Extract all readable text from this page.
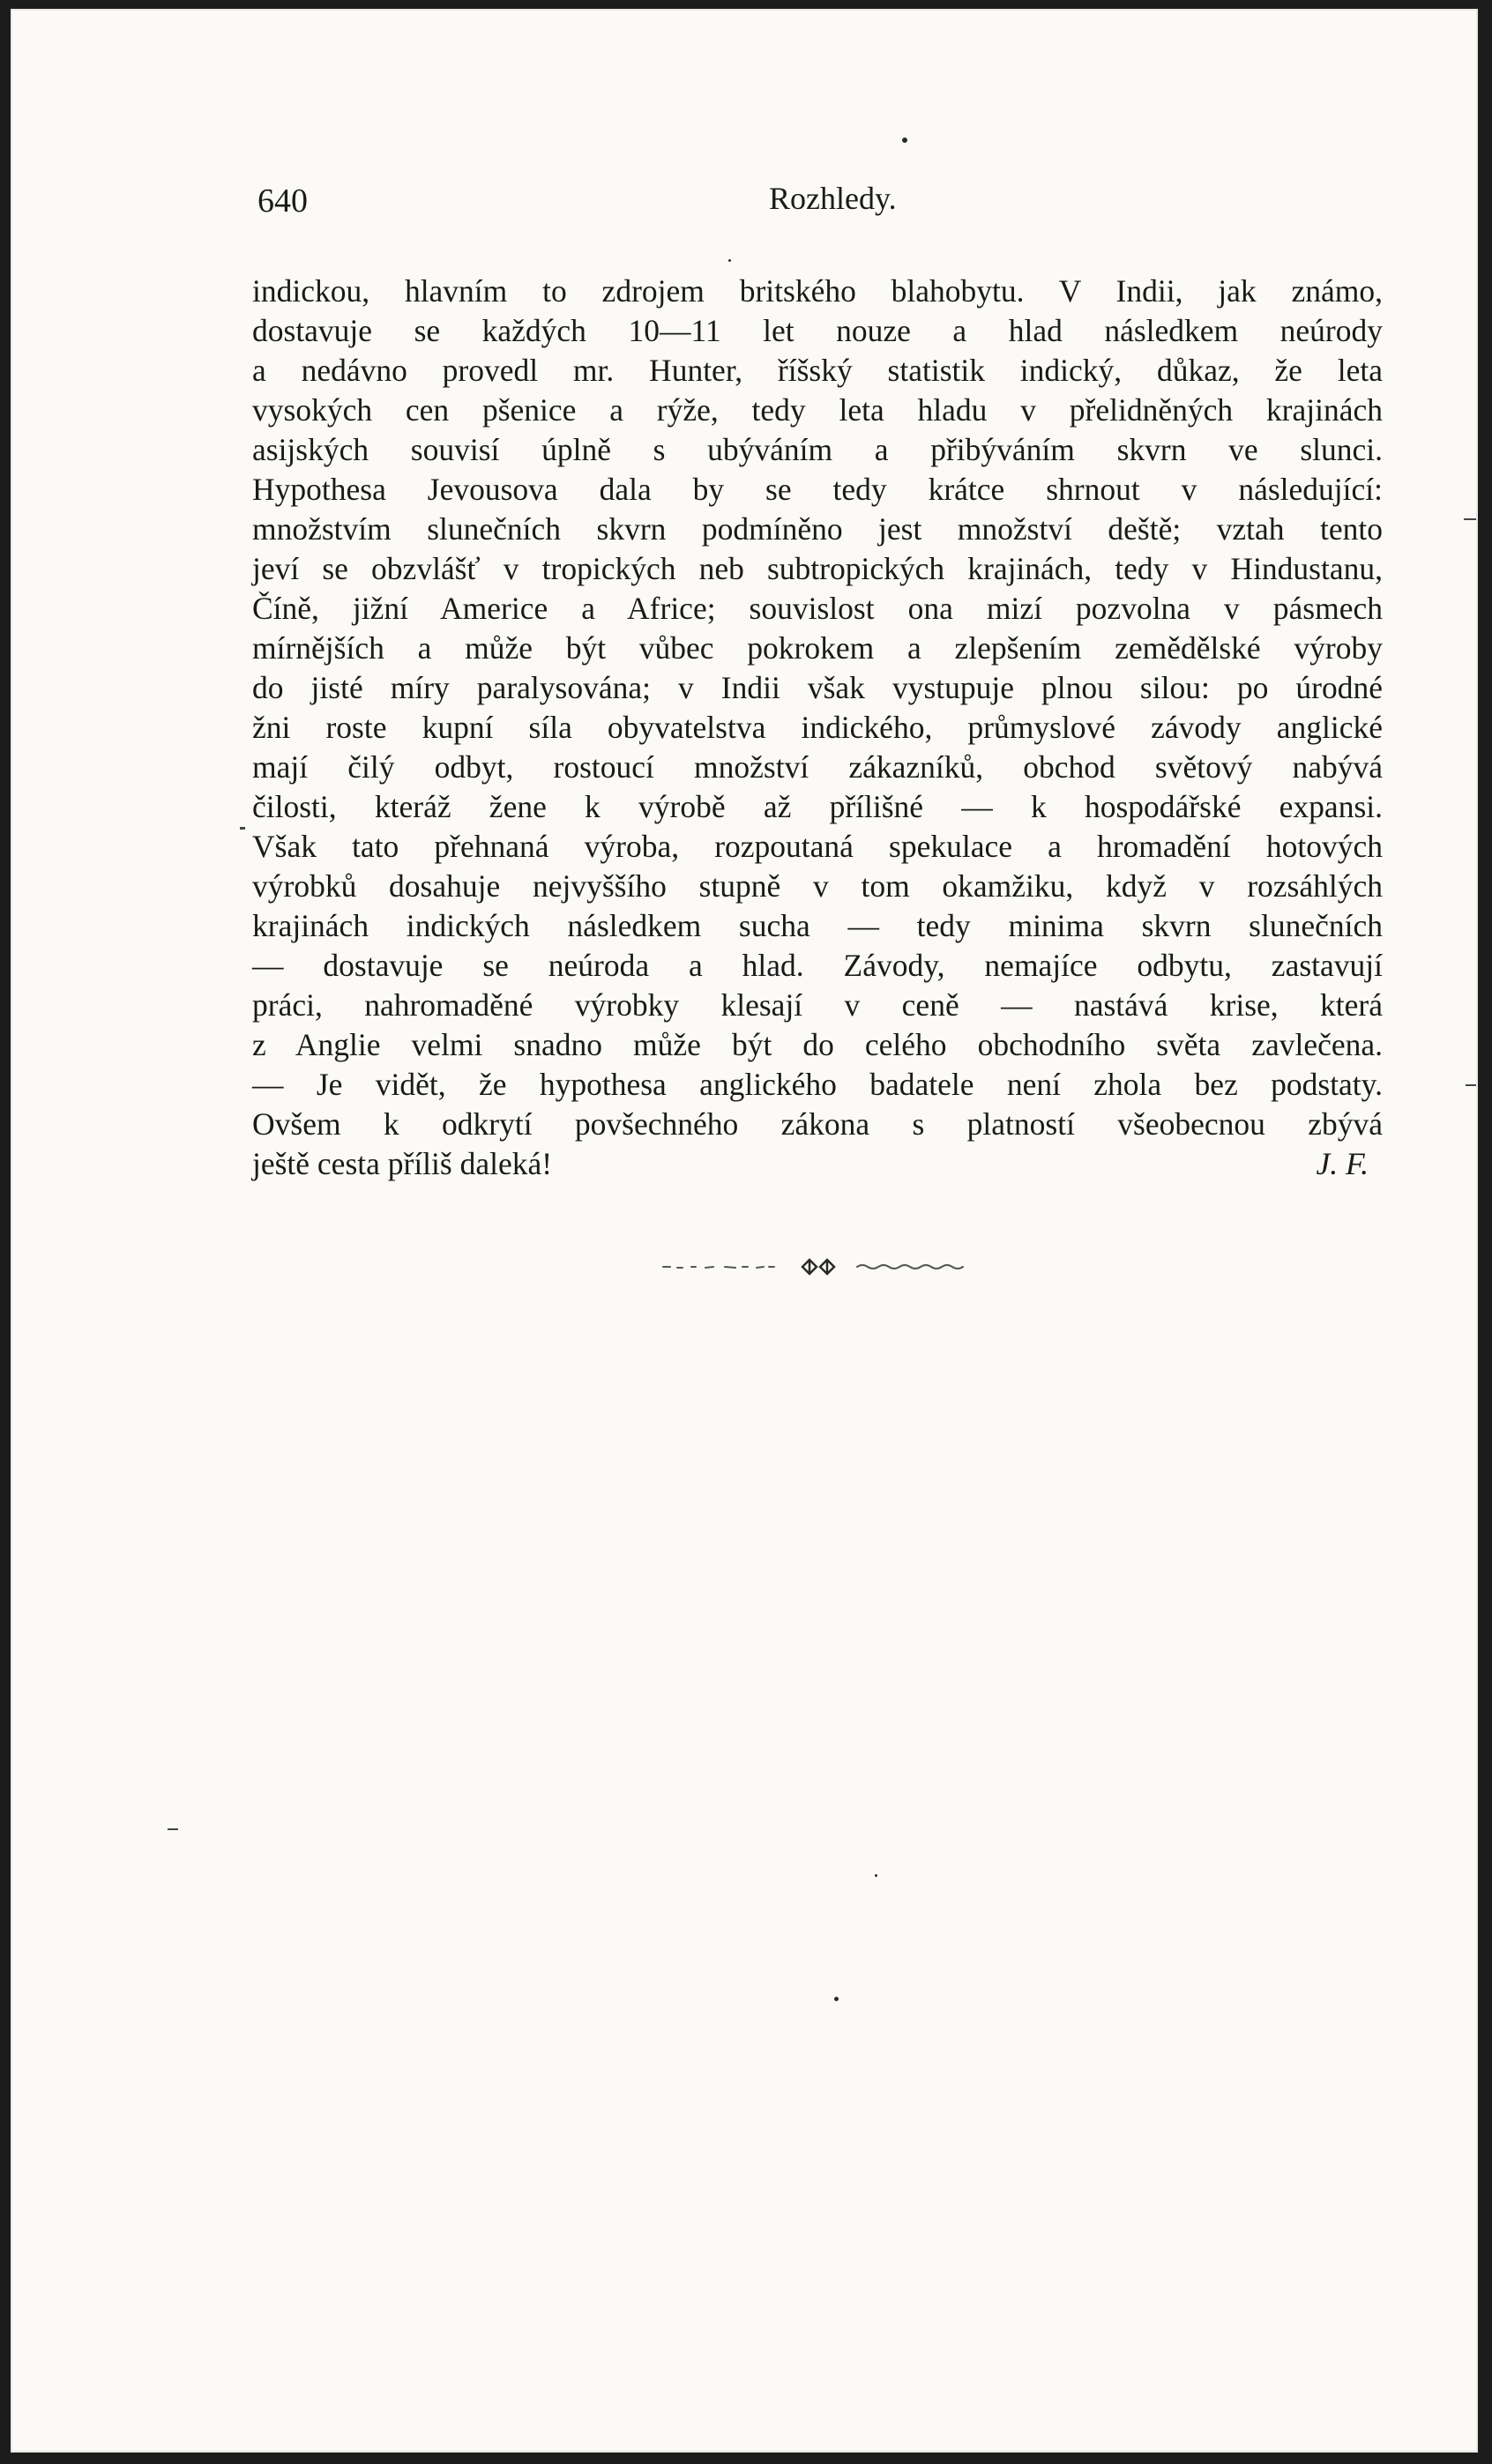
640	Rozhledy.
indickou, hlavním to zdrojem britského blahobytu. V Indii, jak známo,
dostavuje se každých 10—11 let nouze a hlad následkem neúrody
a nedávno provedl mr. Hunter, říšský statistik indický, důkaz, že leta
vysokých cen pšenice a rýže, tedy leta hladu v přelidněných krajinách
asijských souvisí úplně s ubýváním a přibýváním skvrn ve slunci.
Hypothesa Jevousova dala by se tedy krátce shrnout v následující:
množstvím slunečních skvrn podmíněno jest množství deště; vztah tento
jeví se obzvlášť v tropických neb subtropických krajinách, tedy v Hindustanu,
Číně, jižní Americe a Africe; souvislost ona mizí pozvolna v pásmech
mírnějších a může být vůbec pokrokem a zlepšením zemědělské výroby
do jisté míry paralysována; v Indii však vystupuje plnou silou: po úrodné
žni roste kupní síla obyvatelstva indického, průmyslové závody anglické
mají čilý odbyt, rostoucí množství zákazníků, obchod světový nabývá
čilosti, kteráž žene k výrobě až přílišné — k hospodářské expansi.
Však tato přehnaná výroba, rozpoutaná spekulace a hromadění hotových
výrobků dosahuje nejvyššího stupně v tom okamžiku, když v rozsáhlých
krajinách indických následkem sucha — tedy minima skvrn slunečních
— dostavuje se neúroda a hlad. Závody, nemajíce odbytu, zastavují
práci, nahromaděné výrobky klesají v ceně — nastává krise, která
z Anglie velmi snadno může být do celého obchodního světa zavlečena.
— Je vidět, že hypothesa anglického badatele není zhola bez podstaty.
Ovšem k odkrytí povšechného zákona s platností všeobecnou zbývá
ještě cesta příliš daleká!	J. F.
